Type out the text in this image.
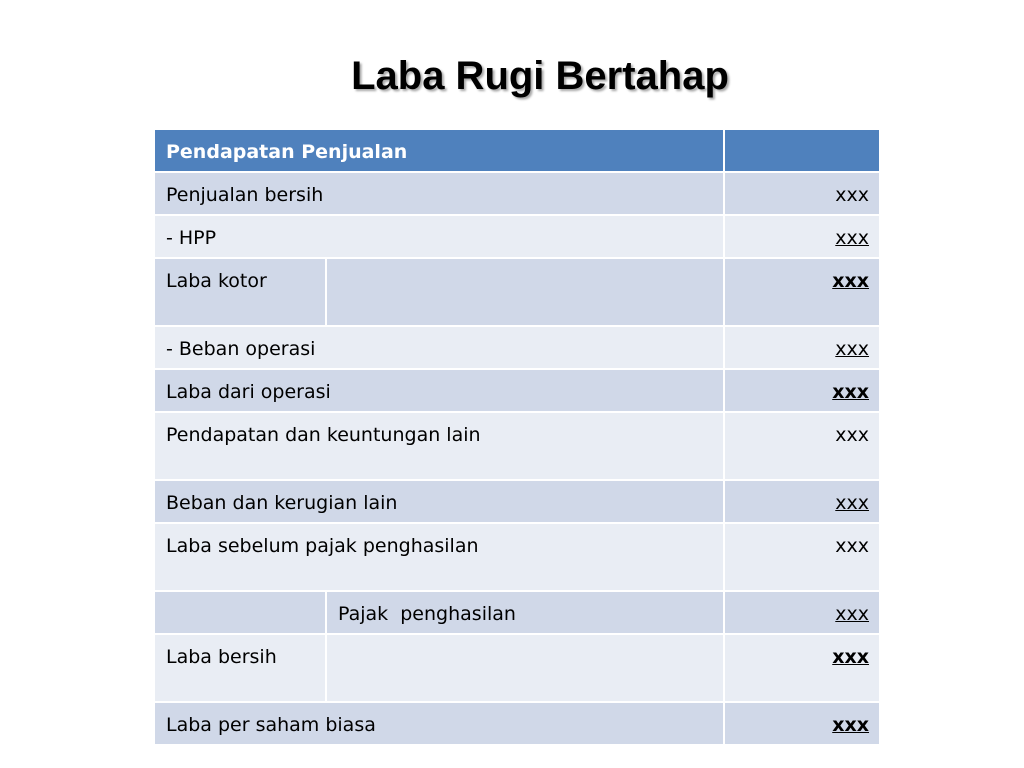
Laba Rugi Bertahap
Pendapatan Penjualan		
Penjualan bersih		xxx
- HPP		xxx
Laba kotor		xxx
- Beban operasi		xxx
Laba dari operasi		xxx
Pendapatan dan keuntungan lain		xxx
Beban dan kerugian lain		xxx
Laba sebelum pajak penghasilan		xxx
	Pajak  penghasilan	xxx
Laba bersih		xxx
Laba per saham biasa		xxx
